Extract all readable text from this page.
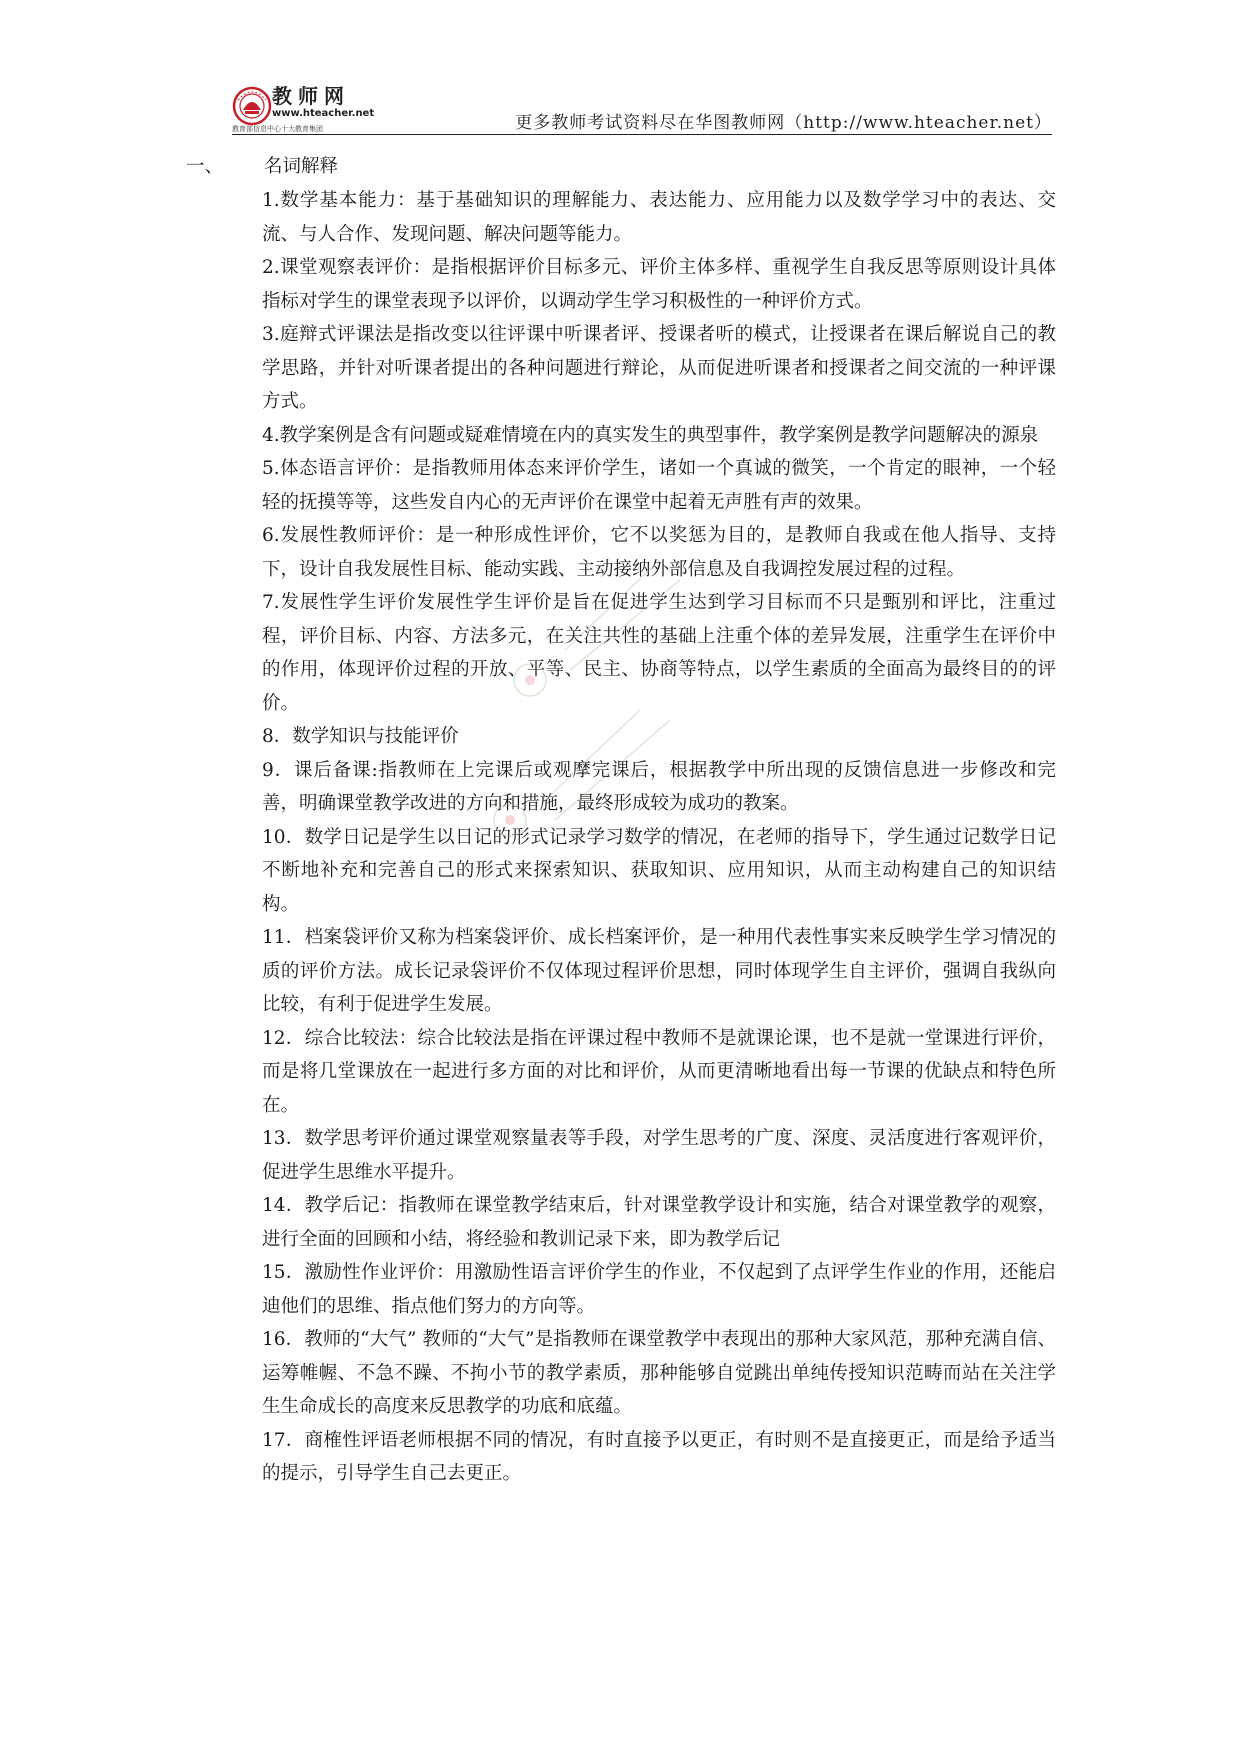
教师网
www.hteacher.net
教育部信息中心十大教育集团	更多教师考试资料尽在华图教师网（http://www.hteacher.net）
一、 名词解释
1.数学基本能力：基于基础知识的理解能力、表达能力、应用能力以及数学学习中的表达、交流、与人合作、发现问题、解决问题等能力。
2.课堂观察表评价：是指根据评价目标多元、评价主体多样、重视学生自我反思等原则设计具体指标对学生的课堂表现予以评价，以调动学生学习积极性的一种评价方式。
3.庭辩式评课法是指改变以往评课中听课者评、授课者听的模式，让授课者在课后解说自己的教学思路，并针对听课者提出的各种问题进行辩论，从而促进听课者和授课者之间交流的一种评课方式。
4.教学案例是含有问题或疑难情境在内的真实发生的典型事件，教学案例是教学问题解决的源泉
5.体态语言评价：是指教师用体态来评价学生，诸如一个真诚的微笑，一个肯定的眼神，一个轻轻的抚摸等等，这些发自内心的无声评价在课堂中起着无声胜有声的效果。
6.发展性教师评价：是一种形成性评价，它不以奖惩为目的，是教师自我或在他人指导、支持下，设计自我发展性目标、能动实践、主动接纳外部信息及自我调控发展过程的过程。
7.发展性学生评价发展性学生评价是旨在促进学生达到学习目标而不只是甄别和评比，注重过程，评价目标、内容、方法多元，在关注共性的基础上注重个体的差异发展，注重学生在评价中的作用，体现评价过程的开放、平等、民主、协商等特点，以学生素质的全面高为最终目的的评价。
8．数学知识与技能评价
9．课后备课:指教师在上完课后或观摩完课后，根据教学中所出现的反馈信息进一步修改和完善，明确课堂教学改进的方向和措施，最终形成较为成功的教案。
10．数学日记是学生以日记的形式记录学习数学的情况，在老师的指导下，学生通过记数学日记不断地补充和完善自己的形式来探索知识、获取知识、应用知识，从而主动构建自己的知识结构。
11．档案袋评价又称为档案袋评价、成长档案评价，是一种用代表性事实来反映学生学习情况的质的评价方法。成长记录袋评价不仅体现过程评价思想，同时体现学生自主评价，强调自我纵向比较，有利于促进学生发展。
12．综合比较法：综合比较法是指在评课过程中教师不是就课论课，也不是就一堂课进行评价，而是将几堂课放在一起进行多方面的对比和评价，从而更清晰地看出每一节课的优缺点和特色所在。
13．数学思考评价通过课堂观察量表等手段，对学生思考的广度、深度、灵活度进行客观评价，促进学生思维水平提升。
14．教学后记：指教师在课堂教学结束后，针对课堂教学设计和实施，结合对课堂教学的观察，进行全面的回顾和小结，将经验和教训记录下来，即为教学后记
15．激励性作业评价：用激励性语言评价学生的作业，不仅起到了点评学生作业的作用，还能启迪他们的思维、指点他们努力的方向等。
16．教师的“大气” 教师的“大气”是指教师在课堂教学中表现出的那种大家风范，那种充满自信、运筹帷幄、不急不躁、不拘小节的教学素质，那种能够自觉跳出单纯传授知识范畴而站在关注学生生命成长的高度来反思教学的功底和底蕴。
17．商榷性评语老师根据不同的情况，有时直接予以更正，有时则不是直接更正，而是给予适当的提示，引导学生自己去更正。
